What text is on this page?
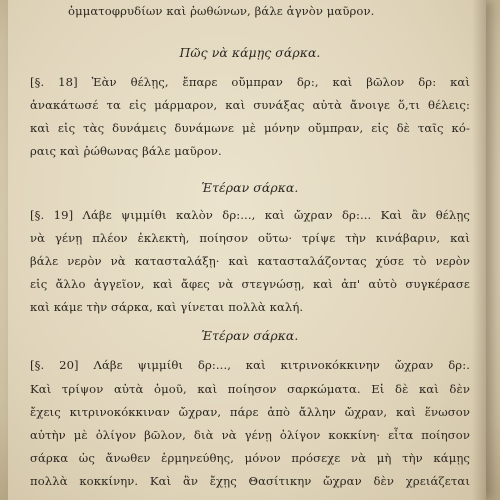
ὀμματοφρυδίων καὶ ῥωθώνων, βάλε ἁγνὸν μαῦρον.
Πῶς νὰ κάμῃς σάρκα.
[§. 18] Ἐὰν θέλῃς, ἔπαρε οὔμπραν δρ:, καὶ βῶλον δρ: καὶ
ἀνακάτωσέ τα εἰς μάρμαρον, καὶ συνάξας αὐτὰ ἄνοιγε ὅ,τι θέλεις:
καὶ εἰς τὰς δυνάμεις δυνάμωνε μὲ μόνην οὔμπραν, εἰς δὲ ταῖς κό-
ραις καὶ ῥώθωνας βάλε μαῦρον.
Ἑτέραν σάρκα.
[§. 19] Λάβε ψιμμίθι καλὸν δρ:..., καὶ ὤχραν δρ:... Καὶ ἂν θέλῃς
νὰ γένῃ πλέον ἐκλεκτὴ, ποίησον οὕτω· τρίψε τὴν κινάβαριν, καὶ
βάλε νερὸν νὰ κατασταλάξῃ· καὶ κατασταλάζοντας χύσε τὸ νερὸν
εἰς ἄλλο ἀγγεῖον, καὶ ἄφες νὰ στεγνώσῃ, καὶ ἀπ' αὐτὸ συγκέρασε
καὶ κάμε τὴν σάρκα, καὶ γίνεται πολλὰ καλή.
Ἑτέραν σάρκα.
[§. 20] Λάβε ψιμμίθι δρ:..., καὶ κιτρινοκόκκινην ὤχραν δρ:.
Καὶ τρίψον αὐτὰ ὁμοῦ, καὶ ποίησον σαρκώματα. Εἰ δὲ καὶ δὲν
ἔχεις κιτρινοκόκκιναν ὤχραν, πάρε ἀπὸ ἄλλην ὤχραν, καὶ ἕνωσον
αὐτὴν μὲ ὀλίγον βῶλον, διὰ νὰ γένῃ ὀλίγον κοκκίνη· εἶτα ποίησον
σάρκα ὡς ἄνωθεν ἑρμηνεύθης, μόνον πρόσεχε νὰ μὴ τὴν κάμῃς
πολλὰ κοκκίνην. Καὶ ἂν ἔχῃς Θασίτικην ὤχραν δὲν χρειάζεται
